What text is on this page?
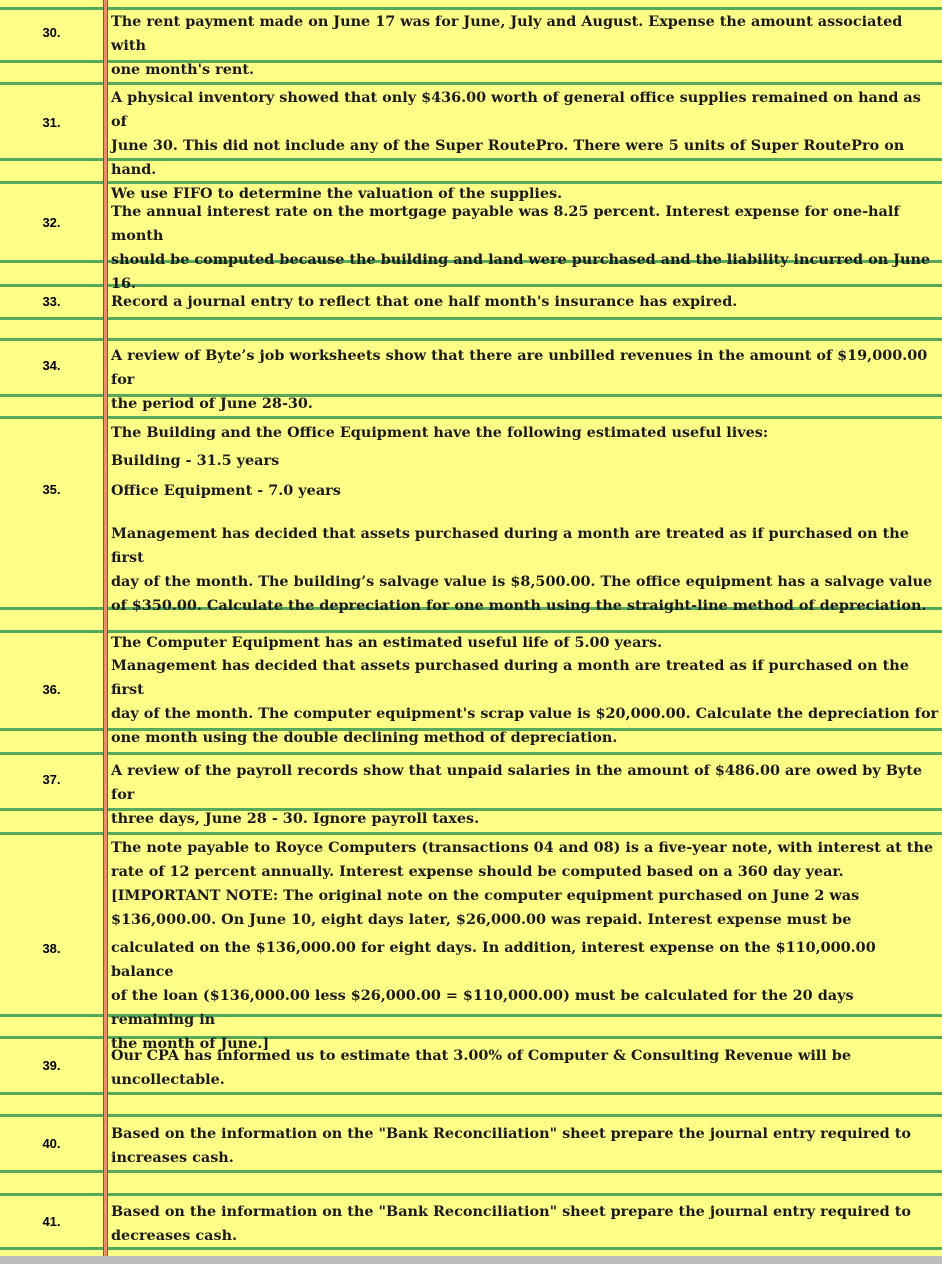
30.

The rent payment made on June 17 was for June, July and August. Expense the amount associated with

one month's rent.

31.

A physical inventory showed that only $436.00 worth of general office supplies remained on hand as of

June 30. This did not include any of the Super RoutePro. There were 5 units of Super RoutePro on hand.

We use FIFO to determine the valuation of the supplies.

32.

The annual interest rate on the mortgage payable was 8.25 percent. Interest expense for one-half month

should be computed because the building and land were purchased and the liability incurred on June 16.

33.	Record a journal entry to reflect that one half month's insurance has expired.

34.

A review of Byte’s job worksheets show that there are unbilled revenues in the amount of $19,000.00 for

the period of June 28-30.

35.

The Building and the Office Equipment have the following estimated useful lives:

Building - 31.5 years

Office Equipment - 7.0 years

Management has decided that assets purchased during a month are treated as if purchased on the first

day of the month. The building’s salvage value is $8,500.00. The office equipment has a salvage value

of $350.00. Calculate the depreciation for one month using the straight-line method of depreciation.

36.

The Computer Equipment has an estimated useful life of 5.00 years.

Management has decided that assets purchased during a month are treated as if purchased on the first

day of the month. The computer equipment's scrap value is $20,000.00. Calculate the depreciation for

one month using the double declining method of depreciation.

37.

A review of the payroll records show that unpaid salaries in the amount of $486.00 are owed by Byte for

three days, June 28 - 30. Ignore payroll taxes.

38.

The note payable to Royce Computers (transactions 04 and 08) is a five-year note, with interest at the

rate of 12 percent annually. Interest expense should be computed based on a 360 day year.

[IMPORTANT NOTE: The original note on the computer equipment purchased on June 2 was

$136,000.00. On June 10, eight days later, $26,000.00 was repaid. Interest expense must be

calculated on the $136,000.00 for eight days. In addition, interest expense on the $110,000.00 balance

of the loan ($136,000.00 less $26,000.00 = $110,000.00) must be calculated for the 20 days remaining in

the month of June.]

39.

Our CPA has informed us to estimate that 3.00% of Computer & Consulting Revenue will be

uncollectable.

40.

Based on the information on the "Bank Reconciliation" sheet prepare the journal entry required to

increases cash.

41.

Based on the information on the "Bank Reconciliation" sheet prepare the journal entry required to

decreases cash.
